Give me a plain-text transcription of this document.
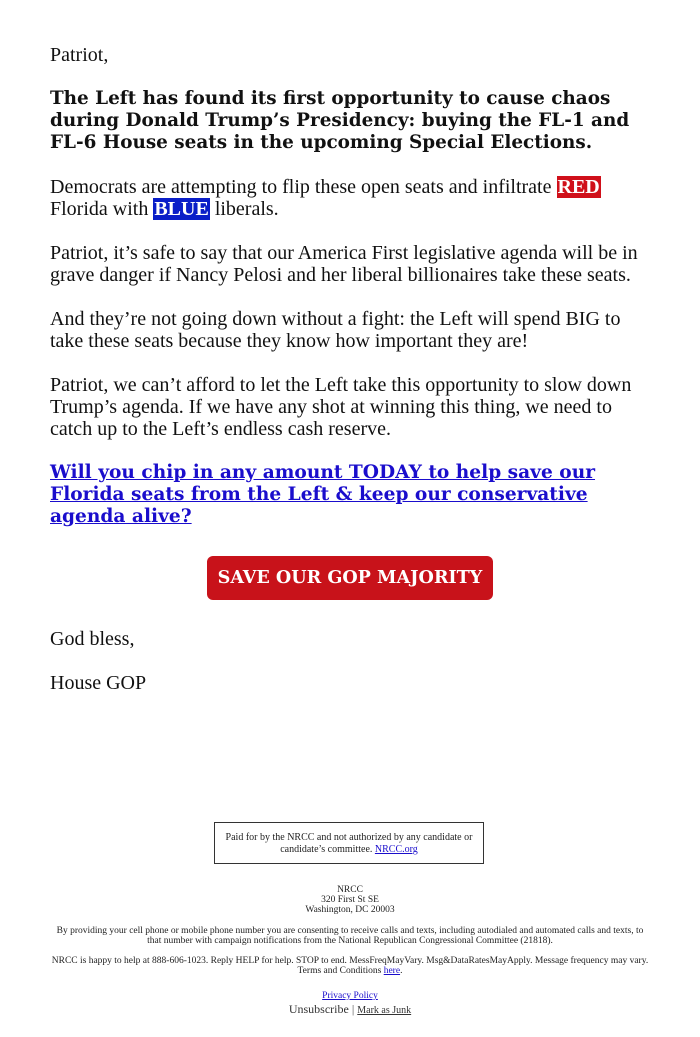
Patriot,

The Left has found its first opportunity to cause chaos during Donald Trump’s Presidency: buying the FL-1 and FL-6 House seats in the upcoming Special Elections.

Democrats are attempting to flip these open seats and infiltrate RED Florida with BLUE liberals.

Patriot, it’s safe to say that our America First legislative agenda will be in grave danger if Nancy Pelosi and her liberal billionaires take these seats.

And they’re not going down without a fight: the Left will spend BIG to take these seats because they know how important they are!

Patriot, we can’t afford to let the Left take this opportunity to slow down Trump’s agenda. If we have any shot at winning this thing, we need to catch up to the Left’s endless cash reserve.

Will you chip in any amount TODAY to help save our Florida seats from the Left & keep our conservative agenda alive?
SAVE OUR GOP MAJORITY

God bless,

House GOP

Paid for by the NRCC and not authorized by any candidate or candidate’s committee. NRCC.org
NRCC
320 First St SE
Washington, DC 20003
By providing your cell phone or mobile phone number you are consenting to receive calls and texts, including autodialed and automated calls and texts, to that number with campaign notifications from the National Republican Congressional Committee (21818).
NRCC is happy to help at 888-606-1023. Reply HELP for help. STOP to end. MessFreqMayVary. Msg&DataRatesMayApply. Message frequency may vary. Terms and Conditions here.
Privacy Policy
Unsubscribe | Mark as Junk
